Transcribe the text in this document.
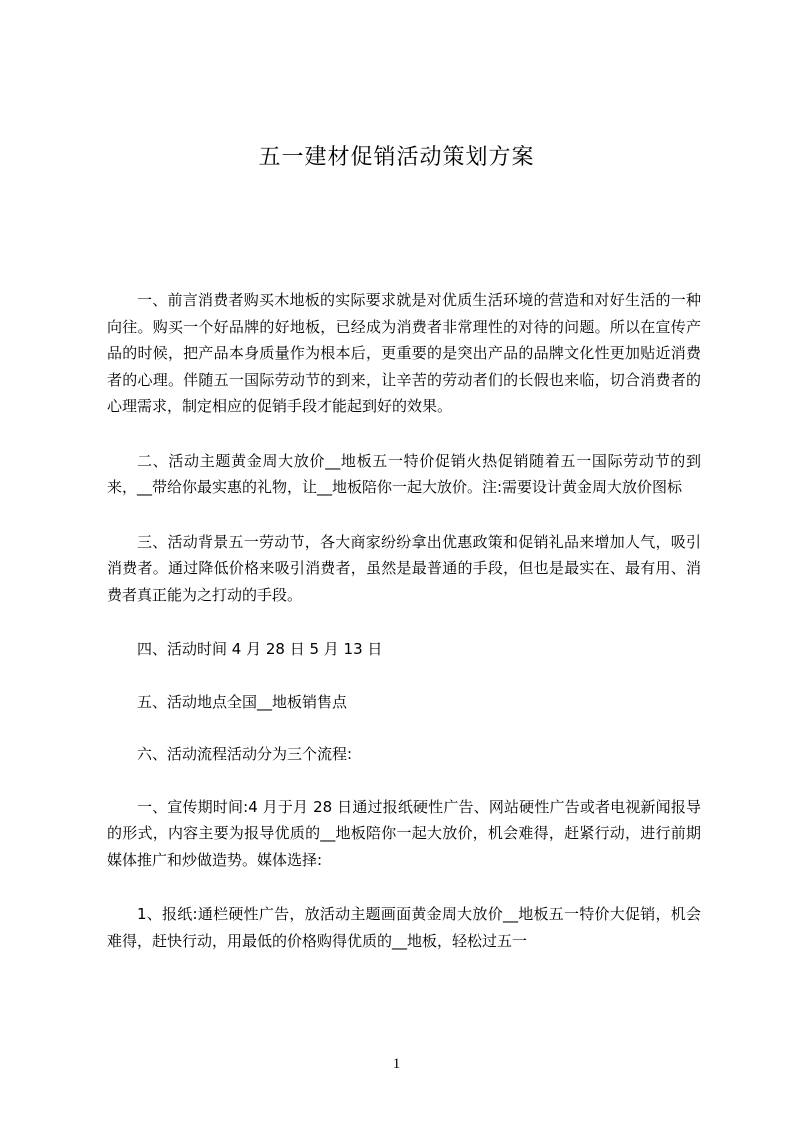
五一建材促销活动策划方案

一、前言消费者购买木地板的实际要求就是对优质生活环境的营造和对好生活的一种向往。购买一个好品牌的好地板，已经成为消费者非常理性的对待的问题。所以在宣传产品的时候，把产品本身质量作为根本后，更重要的是突出产品的品牌文化性更加贴近消费者的心理。伴随五一国际劳动节的到来，让辛苦的劳动者们的长假也来临，切合消费者的心理需求，制定相应的促销手段才能起到好的效果。

二、活动主题黄金周大放价__地板五一特价促销火热促销随着五一国际劳动节的到来，__带给你最实惠的礼物，让__地板陪你一起大放价。注:需要设计黄金周大放价图标

三、活动背景五一劳动节，各大商家纷纷拿出优惠政策和促销礼品来增加人气，吸引消费者。通过降低价格来吸引消费者，虽然是最普通的手段，但也是最实在、最有用、消费者真正能为之打动的手段。

四、活动时间 4 月 28 日 5 月 13 日

五、活动地点全国__地板销售点

六、活动流程活动分为三个流程:

一、宣传期时间:4 月于月 28 日通过报纸硬性广告、网站硬性广告或者电视新闻报导的形式，内容主要为报导优质的__地板陪你一起大放价，机会难得，赶紧行动，进行前期媒体推广和炒做造势。媒体选择:

1、报纸:通栏硬性广告，放活动主题画面黄金周大放价__地板五一特价大促销，机会难得，赶快行动，用最低的价格购得优质的__地板，轻松过五一

1
